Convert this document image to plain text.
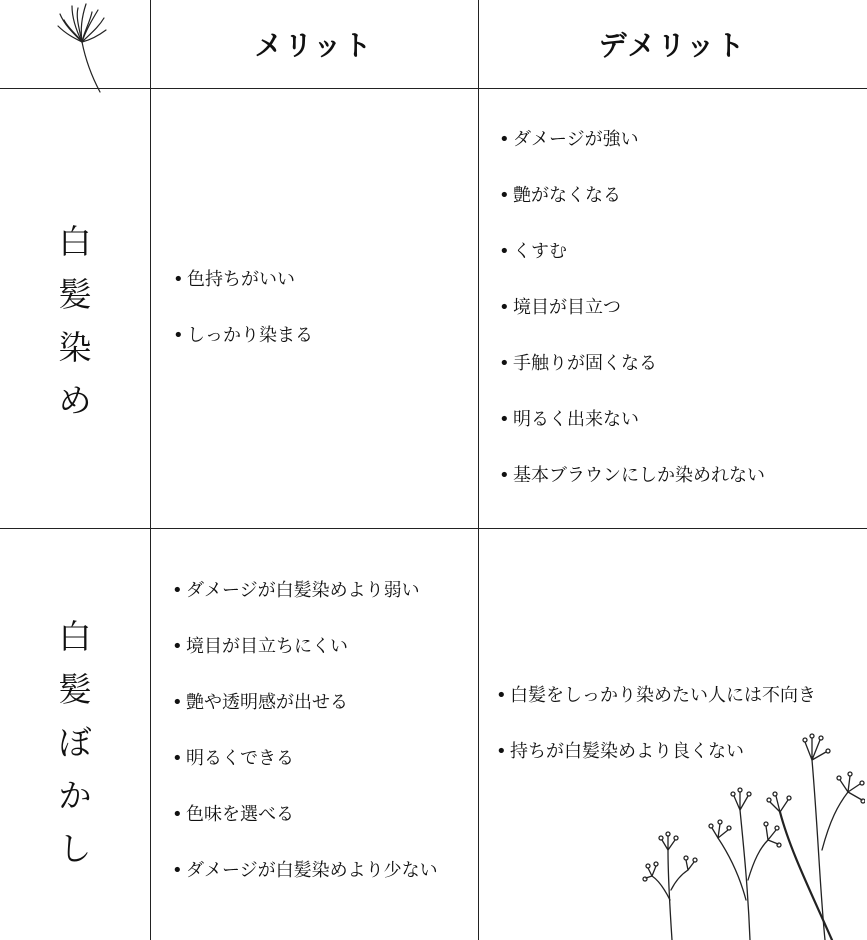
メリット	デメリット
白
髪
染
め
• 色持ちがいい
• しっかり染まる
• ダメージが強い
• 艶がなくなる
• くすむ
• 境目が目立つ
• 手触りが固くなる
• 明るく出来ない
• 基本ブラウンにしか染めれない
白
髪
ぼ
か
し
• ダメージが白髪染めより弱い
• 境目が目立ちにくい
• 艶や透明感が出せる
• 明るくできる
• 色味を選べる
• ダメージが白髪染めより少ない
• 白髪をしっかり染めたい人には不向き
• 持ちが白髪染めより良くない
